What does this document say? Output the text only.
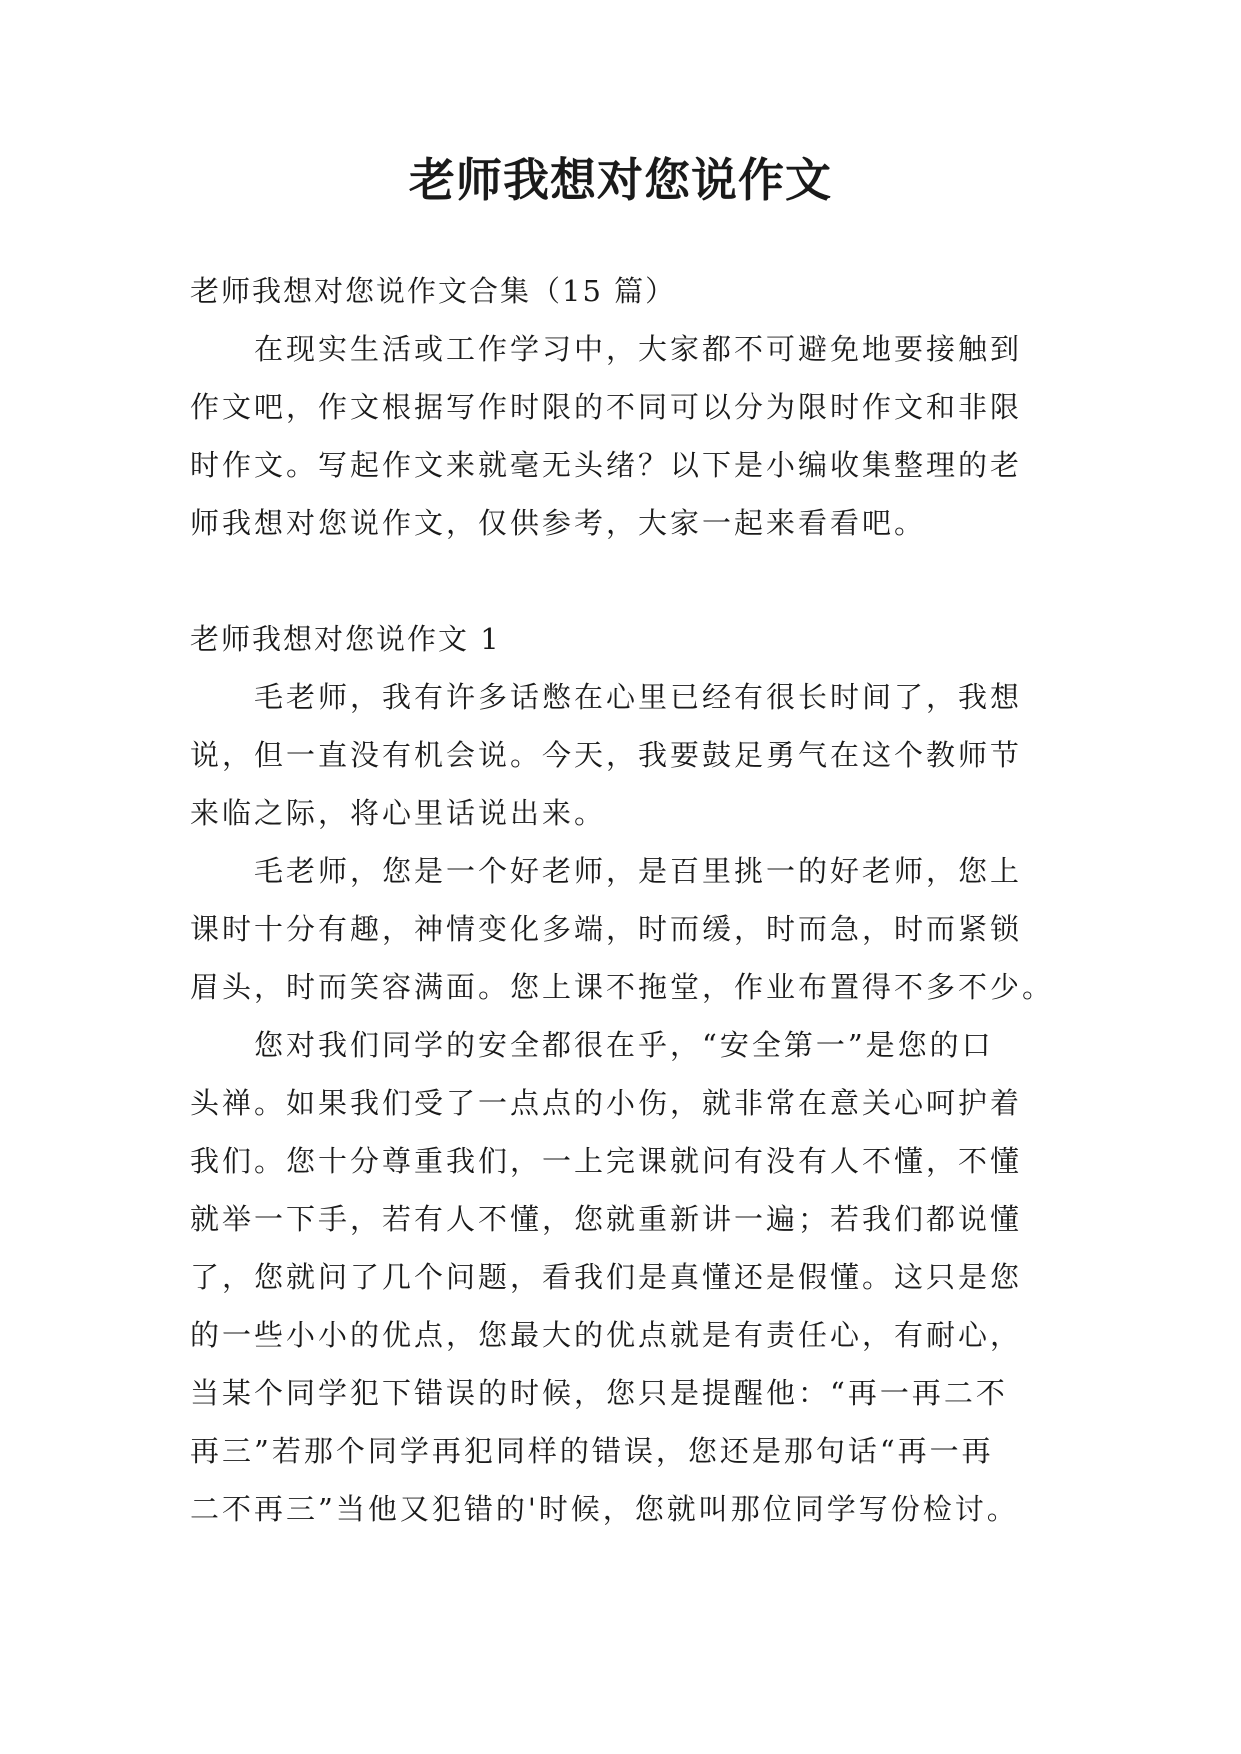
老师我想对您说作文
老师我想对您说作文合集（15 篇）
　　在现实生活或工作学习中，大家都不可避免地要接触到
作文吧，作文根据写作时限的不同可以分为限时作文和非限
时作文。写起作文来就毫无头绪？以下是小编收集整理的老
师我想对您说作文，仅供参考，大家一起来看看吧。
老师我想对您说作文 1
　　毛老师，我有许多话憋在心里已经有很长时间了，我想
说，但一直没有机会说。今天，我要鼓足勇气在这个教师节
来临之际，将心里话说出来。
　　毛老师，您是一个好老师，是百里挑一的好老师，您上
课时十分有趣，神情变化多端，时而缓，时而急，时而紧锁
眉头，时而笑容满面。您上课不拖堂，作业布置得不多不少。
　　您对我们同学的安全都很在乎，“安全第一”是您的口
头禅。如果我们受了一点点的小伤，就非常在意关心呵护着
我们。您十分尊重我们，一上完课就问有没有人不懂，不懂
就举一下手，若有人不懂，您就重新讲一遍；若我们都说懂
了，您就问了几个问题，看我们是真懂还是假懂。这只是您
的一些小小的优点，您最大的优点就是有责任心，有耐心，
当某个同学犯下错误的时候，您只是提醒他：“再一再二不
再三”若那个同学再犯同样的错误，您还是那句话“再一再
二不再三”当他又犯错的'时候，您就叫那位同学写份检讨。
